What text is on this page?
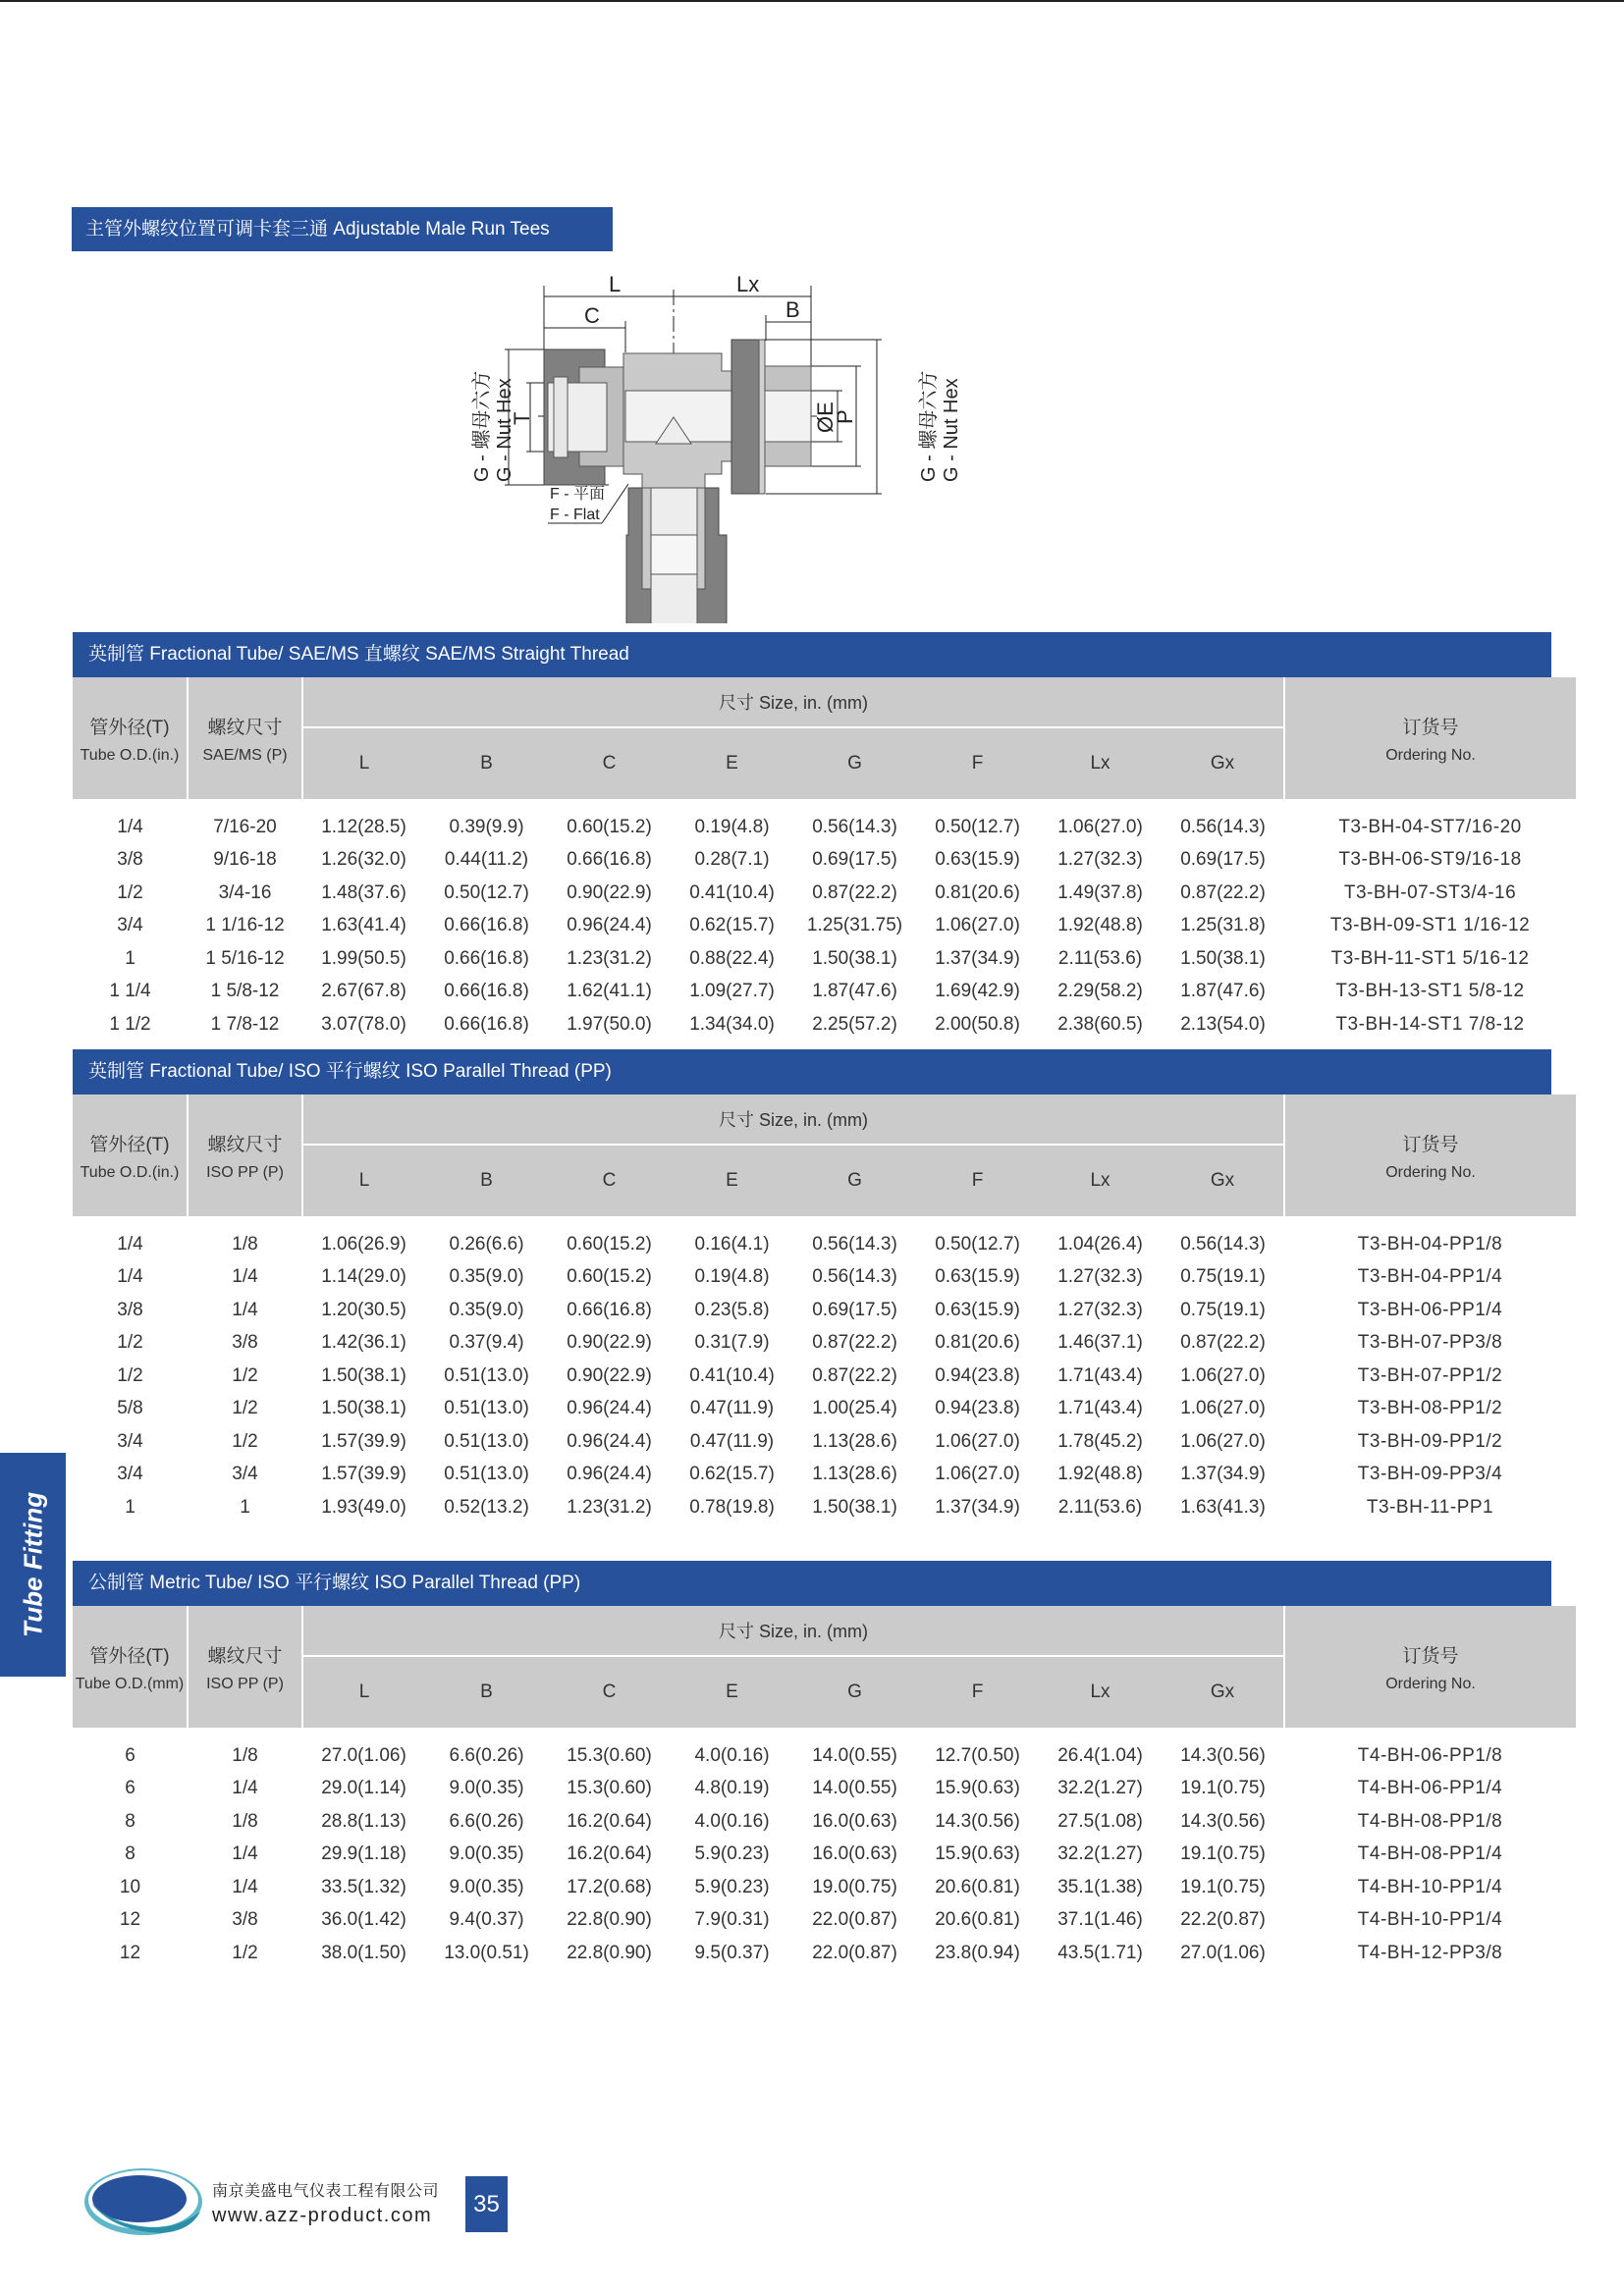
主管外螺纹位置可调卡套三通 Adjustable Male Run Tees
L	Lx
C	B
T	ØE
P
G - 螺母六方 G - Nut Hex	G - 螺母六方 G - Nut Hex
F - 平面
F - Flat
Tube Fitting
英制管 Fractional Tube/ SAE/MS 直螺纹 SAE/MS Straight Thread
管外径(T)
Tube O.D.(in.)	螺纹尺寸
SAE/MS (P)	尺寸 Size, in. (mm)								订货号
Ordering No.

		L	B	C	E	G	F	Lx	Gx	
1/4	7/16-20	1.12(28.5)	0.39(9.9)	0.60(15.2)	0.19(4.8)	0.56(14.3)	0.50(12.7)	1.06(27.0)	0.56(14.3)	T3-BH-04-ST7/16-20
3/8	9/16-18	1.26(32.0)	0.44(11.2)	0.66(16.8)	0.28(7.1)	0.69(17.5)	0.63(15.9)	1.27(32.3)	0.69(17.5)	T3-BH-06-ST9/16-18
1/2	3/4-16	1.48(37.6)	0.50(12.7)	0.90(22.9)	0.41(10.4)	0.87(22.2)	0.81(20.6)	1.49(37.8)	0.87(22.2)	T3-BH-07-ST3/4-16
3/4	1 1/16-12	1.63(41.4)	0.66(16.8)	0.96(24.4)	0.62(15.7)	1.25(31.75)	1.06(27.0)	1.92(48.8)	1.25(31.8)	T3-BH-09-ST1 1/16-12
1	1 5/16-12	1.99(50.5)	0.66(16.8)	1.23(31.2)	0.88(22.4)	1.50(38.1)	1.37(34.9)	2.11(53.6)	1.50(38.1)	T3-BH-11-ST1 5/16-12
1 1/4	1 5/8-12	2.67(67.8)	0.66(16.8)	1.62(41.1)	1.09(27.7)	1.87(47.6)	1.69(42.9)	2.29(58.2)	1.87(47.6)	T3-BH-13-ST1 5/8-12
1 1/2	1 7/8-12	3.07(78.0)	0.66(16.8)	1.97(50.0)	1.34(34.0)	2.25(57.2)	2.00(50.8)	2.38(60.5)	2.13(54.0)	T3-BH-14-ST1 7/8-12
英制管 Fractional Tube/ ISO 平行螺纹 ISO Parallel Thread (PP)
管外径(T)
Tube O.D.(in.)	螺纹尺寸
ISO PP (P)	尺寸 Size, in. (mm)								订货号
Ordering No.

		L	B	C	E	G	F	Lx	Gx	
1/4	1/8	1.06(26.9)	0.26(6.6)	0.60(15.2)	0.16(4.1)	0.56(14.3)	0.50(12.7)	1.04(26.4)	0.56(14.3)	T3-BH-04-PP1/8
1/4	1/4	1.14(29.0)	0.35(9.0)	0.60(15.2)	0.19(4.8)	0.56(14.3)	0.63(15.9)	1.27(32.3)	0.75(19.1)	T3-BH-04-PP1/4
3/8	1/4	1.20(30.5)	0.35(9.0)	0.66(16.8)	0.23(5.8)	0.69(17.5)	0.63(15.9)	1.27(32.3)	0.75(19.1)	T3-BH-06-PP1/4
1/2	3/8	1.42(36.1)	0.37(9.4)	0.90(22.9)	0.31(7.9)	0.87(22.2)	0.81(20.6)	1.46(37.1)	0.87(22.2)	T3-BH-07-PP3/8
1/2	1/2	1.50(38.1)	0.51(13.0)	0.90(22.9)	0.41(10.4)	0.87(22.2)	0.94(23.8)	1.71(43.4)	1.06(27.0)	T3-BH-07-PP1/2
5/8	1/2	1.50(38.1)	0.51(13.0)	0.96(24.4)	0.47(11.9)	1.00(25.4)	0.94(23.8)	1.71(43.4)	1.06(27.0)	T3-BH-08-PP1/2
3/4	1/2	1.57(39.9)	0.51(13.0)	0.96(24.4)	0.47(11.9)	1.13(28.6)	1.06(27.0)	1.78(45.2)	1.06(27.0)	T3-BH-09-PP1/2
3/4	3/4	1.57(39.9)	0.51(13.0)	0.96(24.4)	0.62(15.7)	1.13(28.6)	1.06(27.0)	1.92(48.8)	1.37(34.9)	T3-BH-09-PP3/4
1	1	1.93(49.0)	0.52(13.2)	1.23(31.2)	0.78(19.8)	1.50(38.1)	1.37(34.9)	2.11(53.6)	1.63(41.3)	T3-BH-11-PP1
公制管 Metric Tube/ ISO 平行螺纹 ISO Parallel Thread (PP)
管外径(T)
Tube O.D.(mm)	螺纹尺寸
ISO PP (P)	尺寸 Size, in. (mm)								订货号
Ordering No.

		L	B	C	E	G	F	Lx	Gx	
6	1/8	27.0(1.06)	6.6(0.26)	15.3(0.60)	4.0(0.16)	14.0(0.55)	12.7(0.50)	26.4(1.04)	14.3(0.56)	T4-BH-06-PP1/8
6	1/4	29.0(1.14)	9.0(0.35)	15.3(0.60)	4.8(0.19)	14.0(0.55)	15.9(0.63)	32.2(1.27)	19.1(0.75)	T4-BH-06-PP1/4
8	1/8	28.8(1.13)	6.6(0.26)	16.2(0.64)	4.0(0.16)	16.0(0.63)	14.3(0.56)	27.5(1.08)	14.3(0.56)	T4-BH-08-PP1/8
8	1/4	29.9(1.18)	9.0(0.35)	16.2(0.64)	5.9(0.23)	16.0(0.63)	15.9(0.63)	32.2(1.27)	19.1(0.75)	T4-BH-08-PP1/4
10	1/4	33.5(1.32)	9.0(0.35)	17.2(0.68)	5.9(0.23)	19.0(0.75)	20.6(0.81)	35.1(1.38)	19.1(0.75)	T4-BH-10-PP1/4
12	3/8	36.0(1.42)	9.4(0.37)	22.8(0.90)	7.9(0.31)	22.0(0.87)	20.6(0.81)	37.1(1.46)	22.2(0.87)	T4-BH-10-PP1/4
12	1/2	38.0(1.50)	13.0(0.51)	22.8(0.90)	9.5(0.37)	22.0(0.87)	23.8(0.94)	43.5(1.71)	27.0(1.06)	T4-BH-12-PP3/8
南京美盛电气仪表工程有限公司
www.azz-product.com	35
